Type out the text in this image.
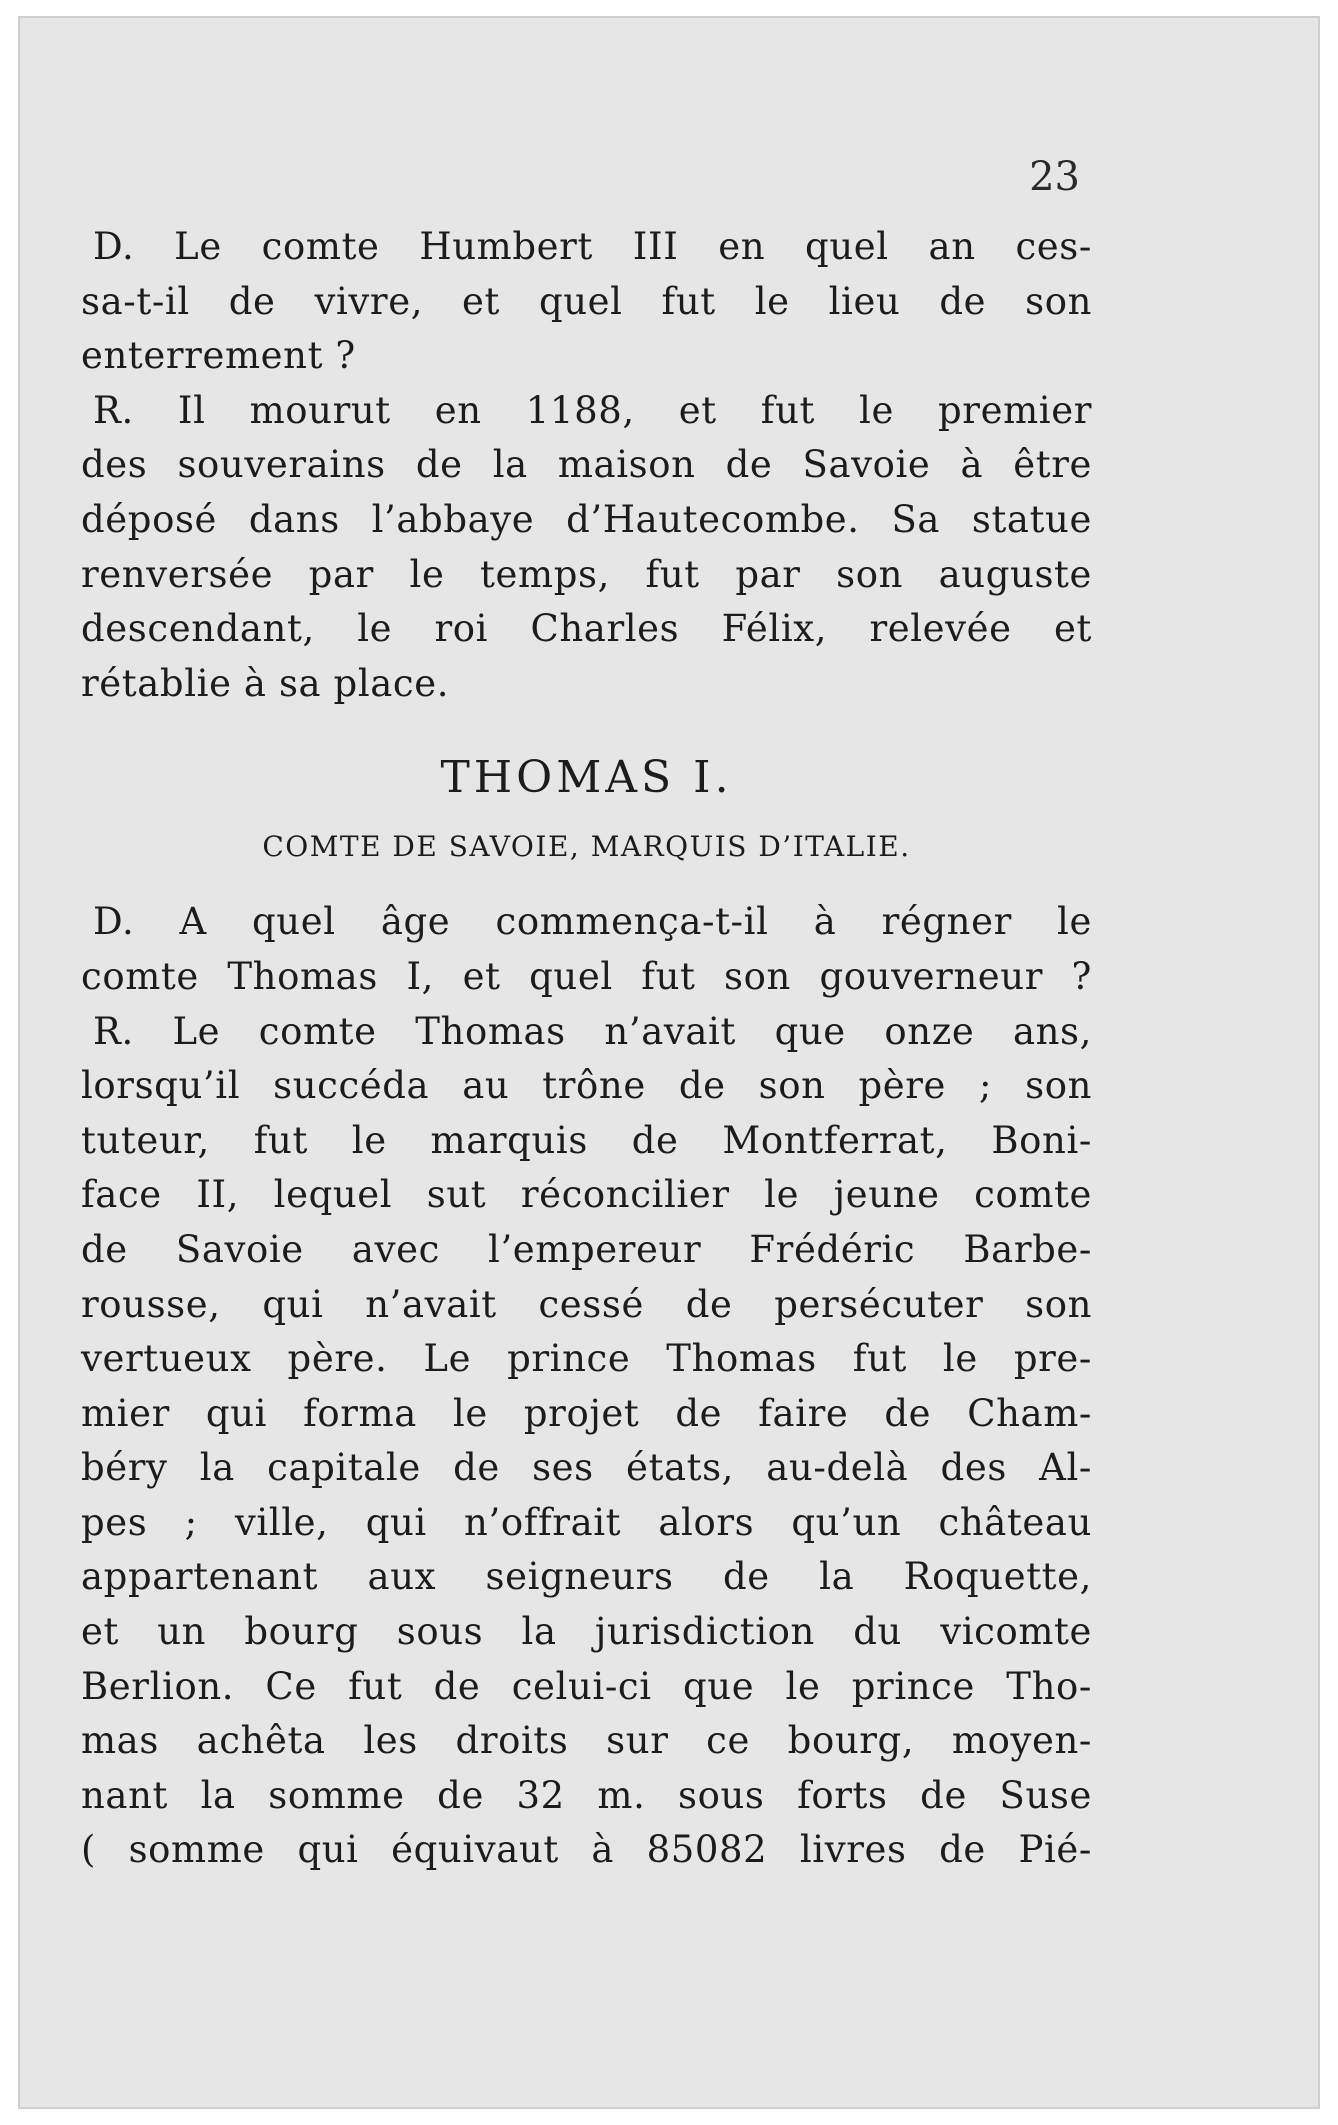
23
D. Le comte Humbert III en quel an ces-
sa-t-il de vivre, et quel fut le lieu de son
enterrement ?
R. Il mourut en 1188, et fut le premier
des souverains de la maison de Savoie à être
déposé dans l’abbaye d’Hautecombe. Sa statue
renversée par le temps, fut par son auguste
descendant, le roi Charles Félix, relevée et
rétablie à sa place.
THOMAS I.
COMTE DE SAVOIE, MARQUIS D’ITALIE.
D. A quel âge commença-t-il à régner le
comte Thomas I, et quel fut son gouverneur ?
R. Le comte Thomas n’avait que onze ans,
lorsqu’il succéda au trône de son père ; son
tuteur, fut le marquis de Montferrat, Boni-
face II, lequel sut réconcilier le jeune comte
de Savoie avec l’empereur Frédéric Barbe-
rousse, qui n’avait cessé de persécuter son
vertueux père. Le prince Thomas fut le pre-
mier qui forma le projet de faire de Cham-
béry la capitale de ses états, au-delà des Al-
pes ; ville, qui n’offrait alors qu’un château
appartenant aux seigneurs de la Roquette,
et un bourg sous la jurisdiction du vicomte
Berlion. Ce fut de celui-ci que le prince Tho-
mas achêta les droits sur ce bourg, moyen-
nant la somme de 32 m. sous forts de Suse
( somme qui équivaut à 85082 livres de Pié-
